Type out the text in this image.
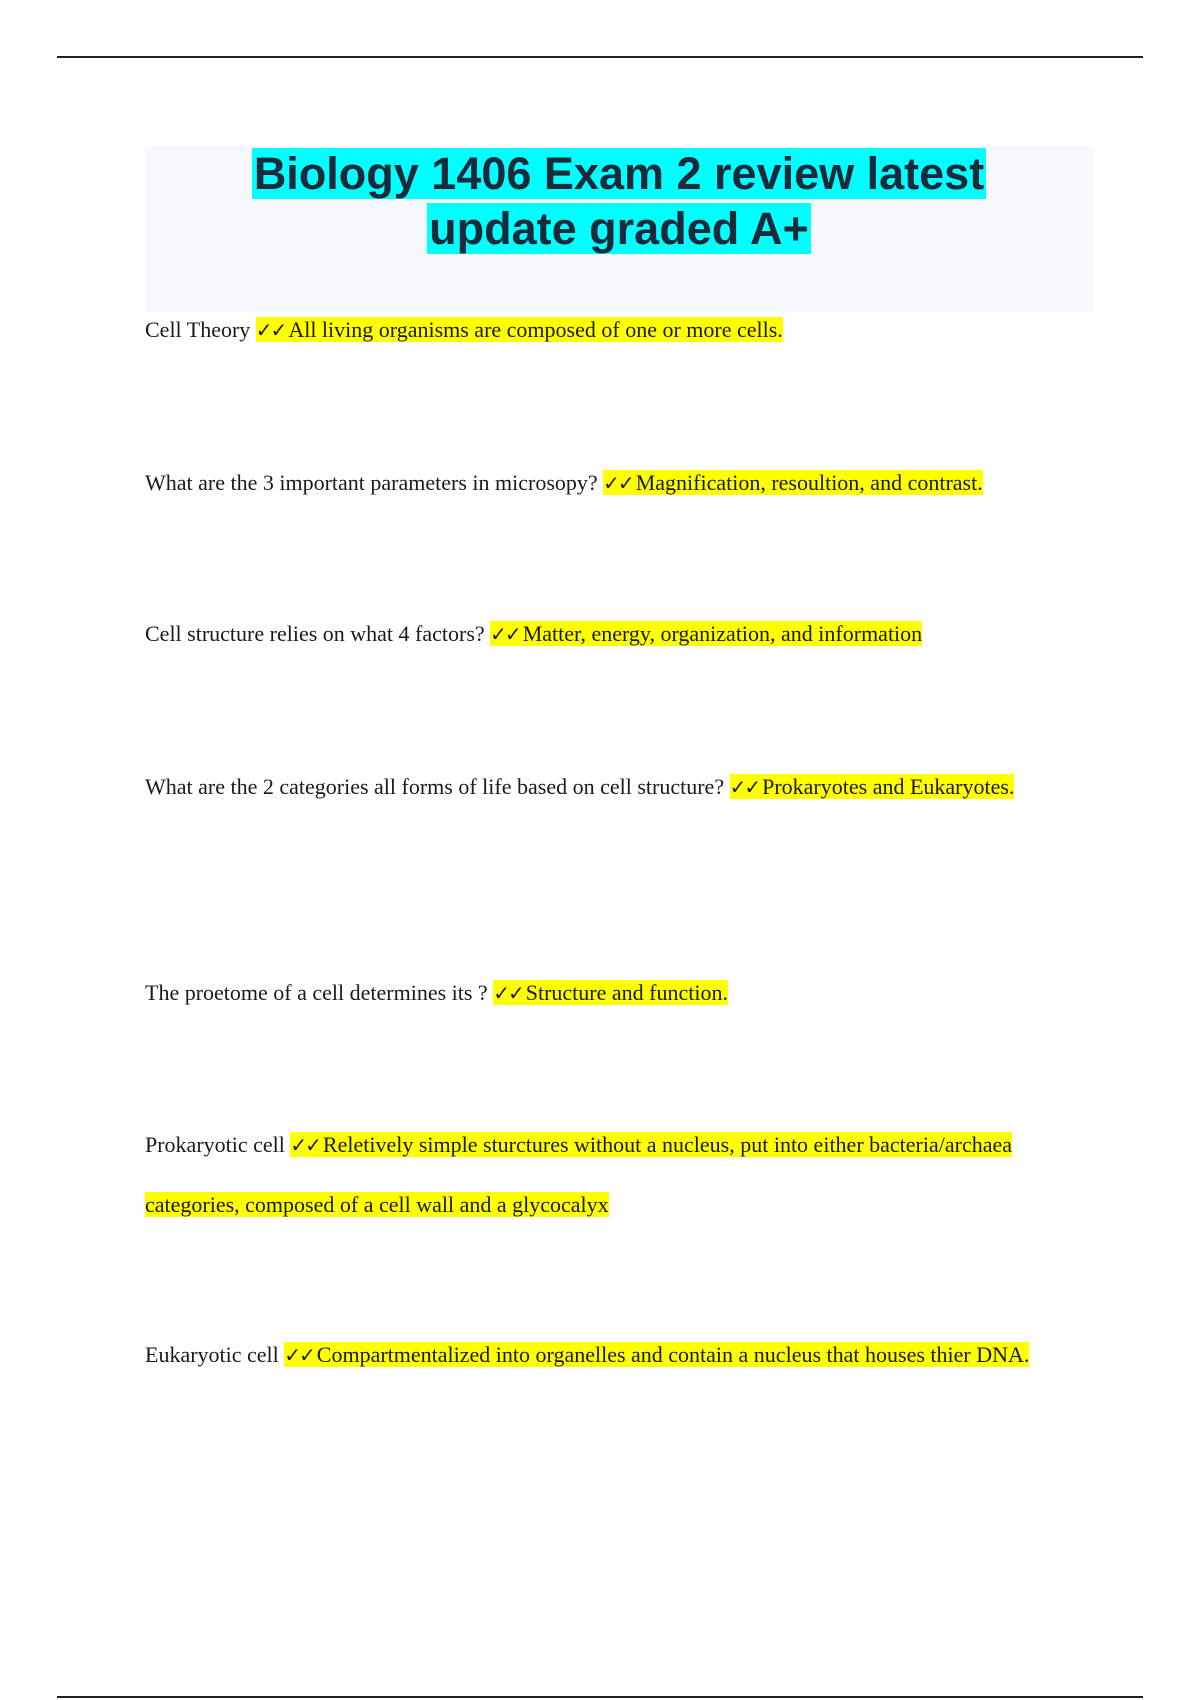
Biology 1406 Exam 2 review latest
update graded A+

Cell Theory ✓✓ All living organisms are composed of one or more cells.

What are the 3 important parameters in microsopy? ✓✓ Magnification, resoultion, and contrast.

Cell structure relies on what 4 factors? ✓✓ Matter, energy, organization, and information

What are the 2 categories all forms of life based on cell structure? ✓✓ Prokaryotes and Eukaryotes.

The proetome of a cell determines its ? ✓✓ Structure and function.

Prokaryotic cell ✓✓ Reletively simple sturctures without a nucleus, put into either bacteria/archaea categories, composed of a cell wall and a glycocalyx

Eukaryotic cell ✓✓ Compartmentalized into organelles and contain a nucleus that houses thier DNA.
